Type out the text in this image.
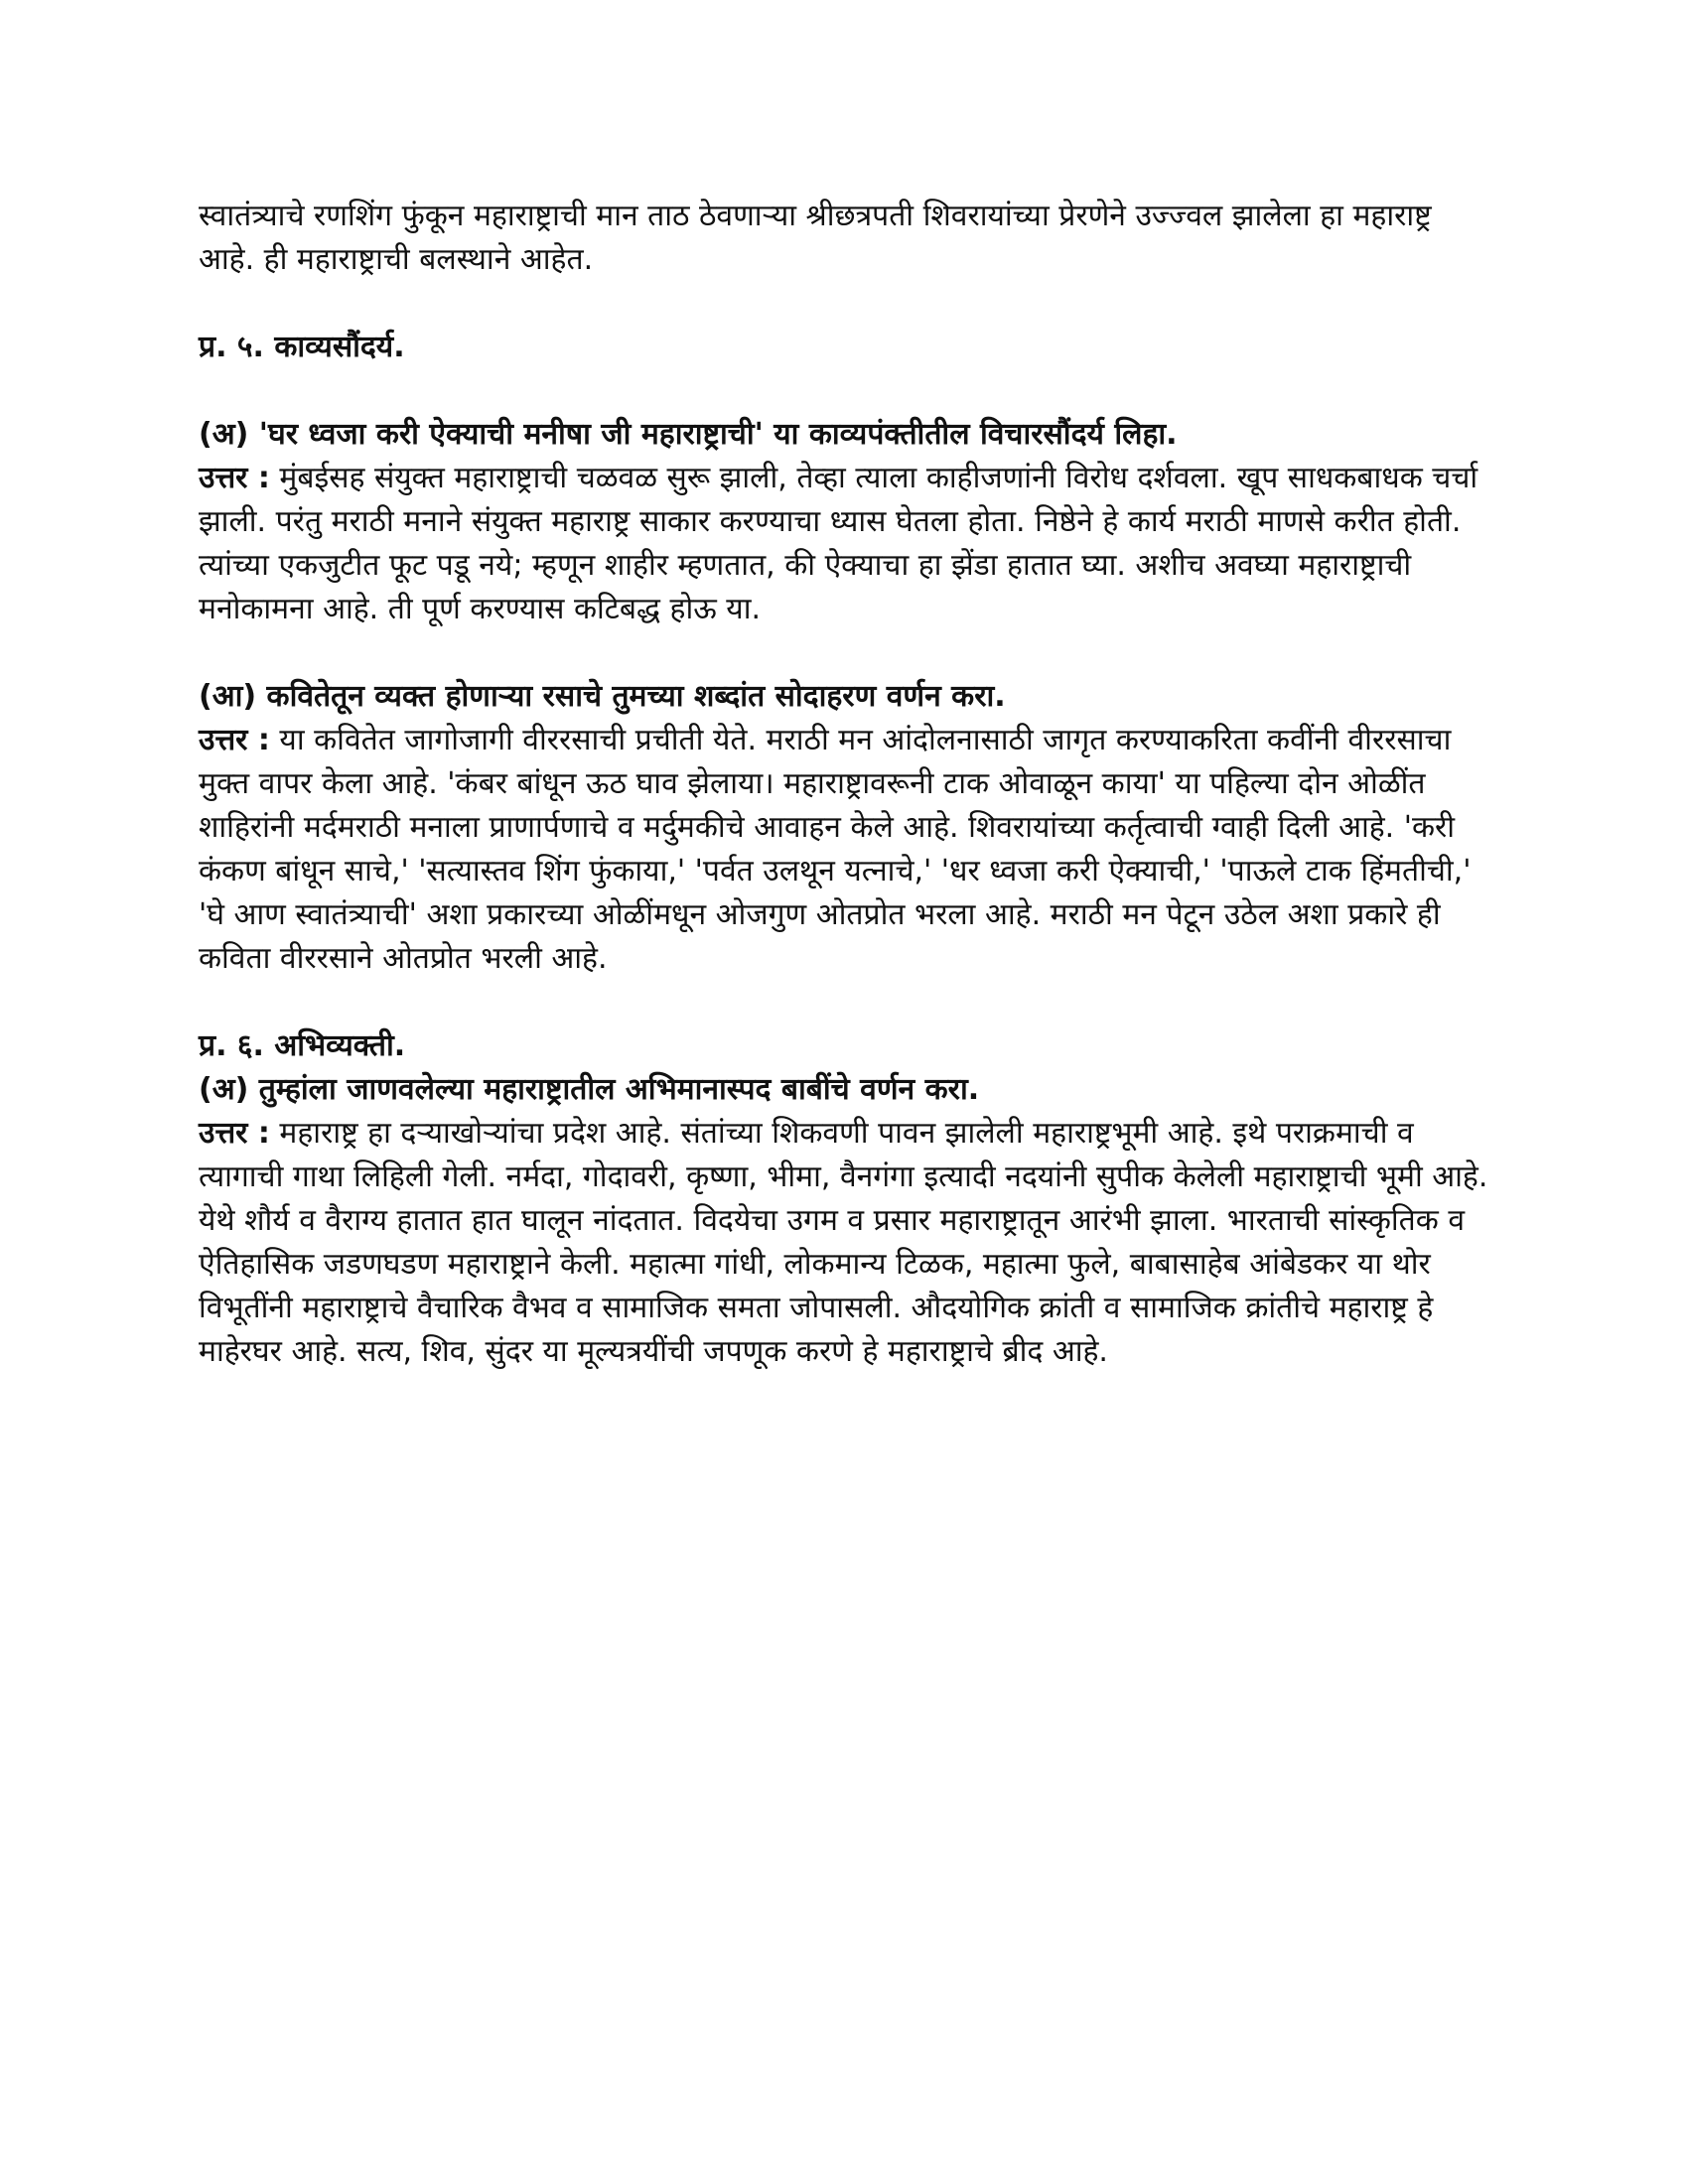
स्वातंत्र्याचे रणशिंग फुंकून महाराष्ट्राची मान ताठ ठेवणाऱ्या श्रीछत्रपती शिवरायांच्या प्रेरणेने उज्ज्वल झालेला हा महाराष्ट्र आहे. ही महाराष्ट्राची बलस्थाने आहेत.

प्र. ५. काव्यसौंदर्य.

(अ) 'घर ध्वजा करी ऐक्याची मनीषा जी महाराष्ट्राची' या काव्यपंक्तीतील विचारसौंदर्य लिहा.

उत्तर : मुंबईसह संयुक्त महाराष्ट्राची चळवळ सुरू झाली, तेव्हा त्याला काहीजणांनी विरोध दर्शवला. खूप साधकबाधक चर्चा झाली. परंतु मराठी मनाने संयुक्त महाराष्ट्र साकार करण्याचा ध्यास घेतला होता. निष्ठेने हे कार्य मराठी माणसे करीत होती. त्यांच्या एकजुटीत फूट पडू नये; म्हणून शाहीर म्हणतात, की ऐक्याचा हा झेंडा हातात घ्या. अशीच अवघ्या महाराष्ट्राची मनोकामना आहे. ती पूर्ण करण्यास कटिबद्ध होऊ या.

(आ) कवितेतून व्यक्त होणाऱ्या रसाचे तुमच्या शब्दांत सोदाहरण वर्णन करा.

उत्तर : या कवितेत जागोजागी वीररसाची प्रचीती येते. मराठी मन आंदोलनासाठी जागृत करण्याकरिता कवींनी वीररसाचा मुक्त वापर केला आहे. 'कंबर बांधून ऊठ घाव झेलाया। महाराष्ट्रावरूनी टाक ओवाळून काया' या पहिल्या दोन ओळींत शाहिरांनी मर्दमराठी मनाला प्राणार्पणाचे व मर्दुमकीचे आवाहन केले आहे. शिवरायांच्या कर्तृत्वाची ग्वाही दिली आहे. 'करी कंकण बांधून साचे,' 'सत्यास्तव शिंग फुंकाया,' 'पर्वत उलथून यत्नाचे,' 'धर ध्वजा करी ऐक्याची,' 'पाऊले टाक हिंमतीची,' 'घे आण स्वातंत्र्याची' अशा प्रकारच्या ओळींमधून ओजगुण ओतप्रोत भरला आहे. मराठी मन पेटून उठेल अशा प्रकारे ही कविता वीररसाने ओतप्रोत भरली आहे.

प्र. ६. अभिव्यक्ती.

(अ) तुम्हांला जाणवलेल्या महाराष्ट्रातील अभिमानास्पद बाबींचे वर्णन करा.

उत्तर : महाराष्ट्र हा दऱ्याखोऱ्यांचा प्रदेश आहे. संतांच्या शिकवणी पावन झालेली महाराष्ट्रभूमी आहे. इथे पराक्रमाची व त्यागाची गाथा लिहिली गेली. नर्मदा, गोदावरी, कृष्णा, भीमा, वैनगंगा इत्यादी नदयांनी सुपीक केलेली महाराष्ट्राची भूमी आहे. येथे शौर्य व वैराग्य हातात हात घालून नांदतात. विदयेचा उगम व प्रसार महाराष्ट्रातून आरंभी झाला. भारताची सांस्कृतिक व ऐतिहासिक जडणघडण महाराष्ट्राने केली. महात्मा गांधी, लोकमान्य टिळक, महात्मा फुले, बाबासाहेब आंबेडकर या थोर विभूतींनी महाराष्ट्राचे वैचारिक वैभव व सामाजिक समता जोपासली. औदयोगिक क्रांती व सामाजिक क्रांतीचे महाराष्ट्र हे माहेरघर आहे. सत्य, शिव, सुंदर या मूल्यत्रयींची जपणूक करणे हे महाराष्ट्राचे ब्रीद आहे.
